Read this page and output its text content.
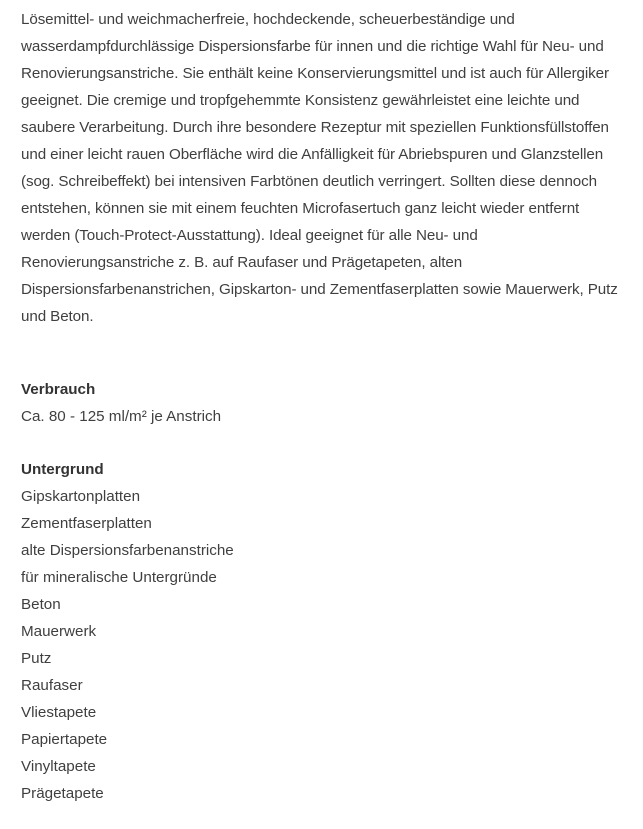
Lösemittel- und weichmacherfreie, hochdeckende, scheuerbeständige und wasserdampfdurchlässige Dispersionsfarbe für innen und die richtige Wahl für Neu- und Renovierungsanstriche. Sie enthält keine Konservierungsmittel und ist auch für Allergiker geeignet. Die cremige und tropfgehemmte Konsistenz gewährleistet eine leichte und saubere Verarbeitung. Durch ihre besondere Rezeptur mit speziellen Funktionsfüllstoffen und einer leicht rauen Oberfläche wird die Anfälligkeit für Abriebspuren und Glanzstellen (sog. Schreibeffekt) bei intensiven Farbtönen deutlich verringert. Sollten diese dennoch entstehen, können sie mit einem feuchten Microfasertuch ganz leicht wieder entfernt werden (Touch-Protect-Ausstattung). Ideal geeignet für alle Neu- und Renovierungsanstriche z. B. auf Raufaser und Prägetapeten, alten Dispersionsfarbenanstrichen, Gipskarton- und Zementfaserplatten sowie Mauerwerk, Putz und Beton.

Verbrauch
Ca. 80 - 125 ml/m² je Anstrich
Untergrund
Gipskartonplatten
Zementfaserplatten
alte Dispersionsfarbenanstriche
für mineralische Untergründe
Beton
Mauerwerk
Putz
Raufaser
Vliestapete
Papiertapete
Vinyltapete
Prägetapete
